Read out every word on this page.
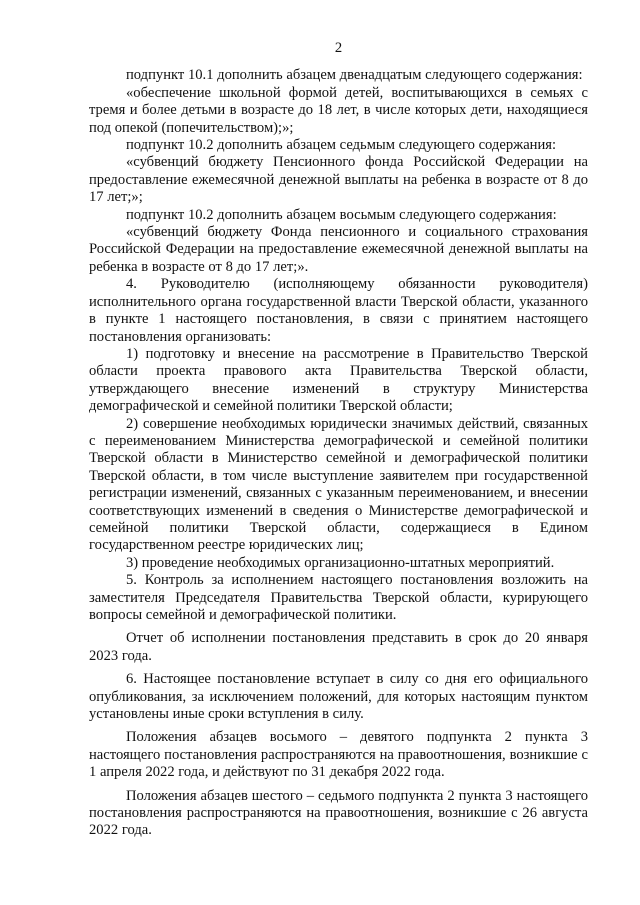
2

подпункт 10.1 дополнить абзацем двенадцатым следующего содержания:

«обеспечение школьной формой детей, воспитывающихся в семьях с тремя и более детьми в возрасте до 18 лет, в числе которых дети, находящиеся под опекой (попечительством);»;

подпункт 10.2 дополнить абзацем седьмым следующего содержания:

«субвенций бюджету Пенсионного фонда Российской Федерации на предоставление ежемесячной денежной выплаты на ребенка в возрасте от 8 до 17 лет;»;

подпункт 10.2 дополнить абзацем восьмым следующего содержания:

«субвенций бюджету Фонда пенсионного и социального страхования Российской Федерации на предоставление ежемесячной денежной выплаты на ребенка в возрасте от 8 до 17 лет;».

4. Руководителю (исполняющему обязанности руководителя) исполнительного органа государственной власти Тверской области, указанного в пункте 1 настоящего постановления, в связи с принятием настоящего постановления организовать:

1) подготовку и внесение на рассмотрение в Правительство Тверской области проекта правового акта Правительства Тверской области, утверждающего внесение изменений в структуру Министерства демографической и семейной политики Тверской области;

2) совершение необходимых юридически значимых действий, связанных с переименованием Министерства демографической и семейной политики Тверской области в Министерство семейной и демографической политики Тверской области, в том числе выступление заявителем при государственной регистрации изменений, связанных с указанным переименованием, и внесении соответствующих изменений в сведения о Министерстве демографической и семейной политики Тверской области, содержащиеся в Едином государственном реестре юридических лиц;

3) проведение необходимых организационно-штатных мероприятий.

5. Контроль за исполнением настоящего постановления возложить на заместителя Председателя Правительства Тверской области, курирующего вопросы семейной и демографической политики.

Отчет об исполнении постановления представить в срок до 20 января 2023 года.

6. Настоящее постановление вступает в силу со дня его официального опубликования, за исключением положений, для которых настоящим пунктом установлены иные сроки вступления в силу.

Положения абзацев восьмого – девятого подпункта 2 пункта 3 настоящего постановления распространяются на правоотношения, возникшие с 1 апреля 2022 года, и действуют по 31 декабря 2022 года.

Положения абзацев шестого – седьмого подпункта 2 пункта 3 настоящего постановления распространяются на правоотношения, возникшие с 26 августа 2022 года.
